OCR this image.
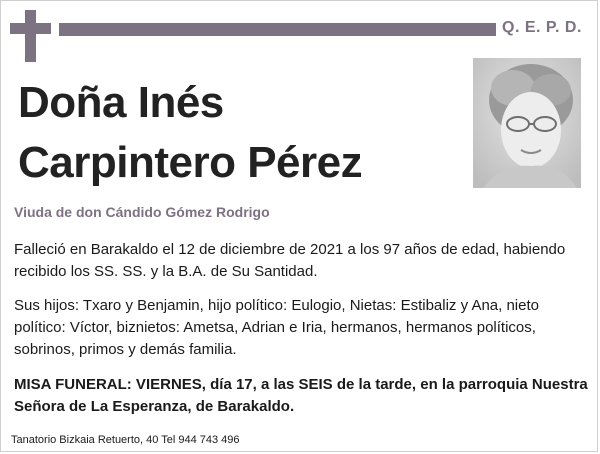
Q. E. P. D.
Doña Inés
Carpintero Pérez
Viuda de don Cándido Gómez Rodrigo

Falleció en Barakaldo el 12 de diciembre de 2021 a los 97 años de edad, habiendo recibido los SS. SS. y la B.A. de Su Santidad.

Sus hijos: Txaro y Benjamin, hijo político: Eulogio, Nietas: Estibaliz y Ana, nieto político: Víctor, biznietos: Ametsa, Adrian e Iria, hermanos, hermanos políticos, sobrinos, primos y demás familia.

MISA FUNERAL: VIERNES, día 17, a las SEIS de la tarde, en la parroquia Nuestra Señora de La Esperanza, de Barakaldo.

Tanatorio Bizkaia Retuerto, 40 Tel 944 743 496
